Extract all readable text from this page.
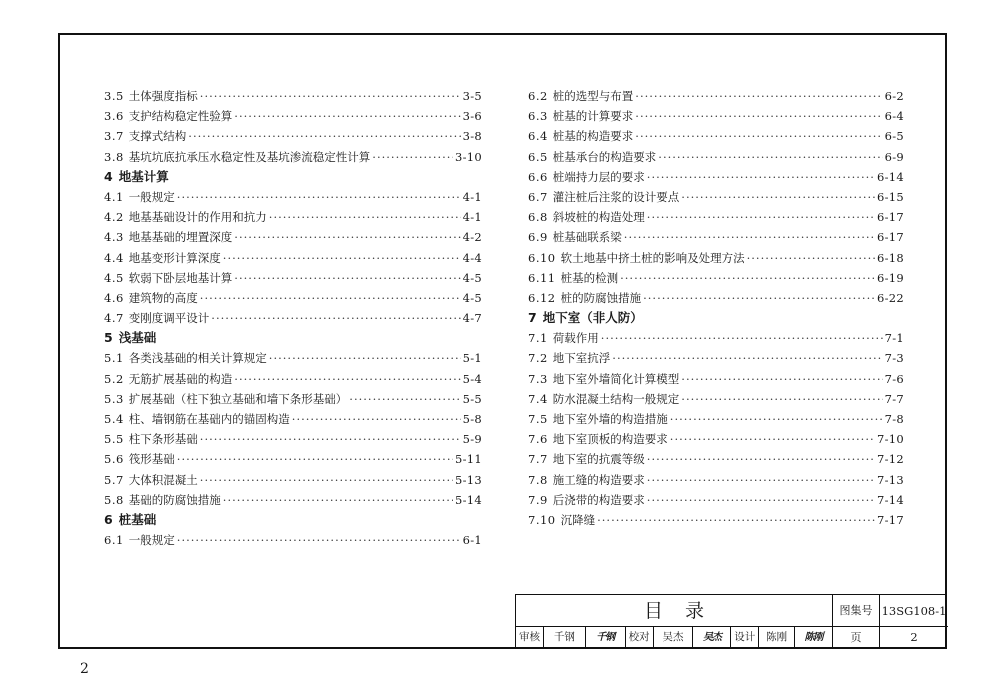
3.5 土体强度指标 ·····	3-5
3.6 支护结构稳定性验算 ·····	3-6
3.7 支撑式结构 ·····	3-8
3.8 基坑坑底抗承压水稳定性及基坑渗流稳定性计算 ·····	3-10
4 地基计算
4.1 一般规定 ·····	4-1
4.2 地基基础设计的作用和抗力 ·····	4-1
4.3 地基基础的埋置深度 ·····	4-2
4.4 地基变形计算深度 ·····	4-4
4.5 软弱下卧层地基计算 ·····	4-5
4.6 建筑物的高度 ·····	4-5
4.7 变刚度调平设计 ·····	4-7
5 浅基础
5.1 各类浅基础的相关计算规定 ·····	5-1
5.2 无筋扩展基础的构造 ·····	5-4
5.3 扩展基础（柱下独立基础和墙下条形基础） ·····	5-5
5.4 柱、墙钢筋在基础内的锚固构造 ·····	5-8
5.5 柱下条形基础 ·····	5-9
5.6 筏形基础 ·····	5-11
5.7 大体积混凝土 ·····	5-13
5.8 基础的防腐蚀措施 ·····	5-14
6 桩基础
6.1 一般规定 ·····	6-1
6.2 桩的选型与布置 ·····	6-2
6.3 桩基的计算要求 ·····	6-4
6.4 桩基的构造要求 ·····	6-5
6.5 桩基承台的构造要求 ·····	6-9
6.6 桩端持力层的要求 ·····	6-14
6.7 灌注桩后注浆的设计要点 ·····	6-15
6.8 斜坡桩的构造处理 ·····	6-17
6.9 桩基础联系梁 ·····	6-17
6.10 软土地基中挤土桩的影响及处理方法 ·····	6-18
6.11 桩基的检测 ·····	6-19
6.12 桩的防腐蚀措施 ·····	6-22
7 地下室（非人防）
7.1 荷载作用 ·····	7-1
7.2 地下室抗浮 ·····	7-3
7.3 地下室外墙简化计算模型 ·····	7-6
7.4 防水混凝土结构一般规定 ·····	7-7
7.5 地下室外墙的构造措施 ·····	7-8
7.6 地下室顶板的构造要求 ·····	7-10
7.7 地下室的抗震等级 ·····	7-12
7.8 施工缝的构造要求 ·····	7-13
7.9 后浇带的构造要求 ·····	7-14
7.10 沉降缝 ·····	7-17
目录	图集号 13SG108-1
审核	千钢	千钢	校对	吴杰	吴杰	设计	陈刚	陈刚	页	2
2
